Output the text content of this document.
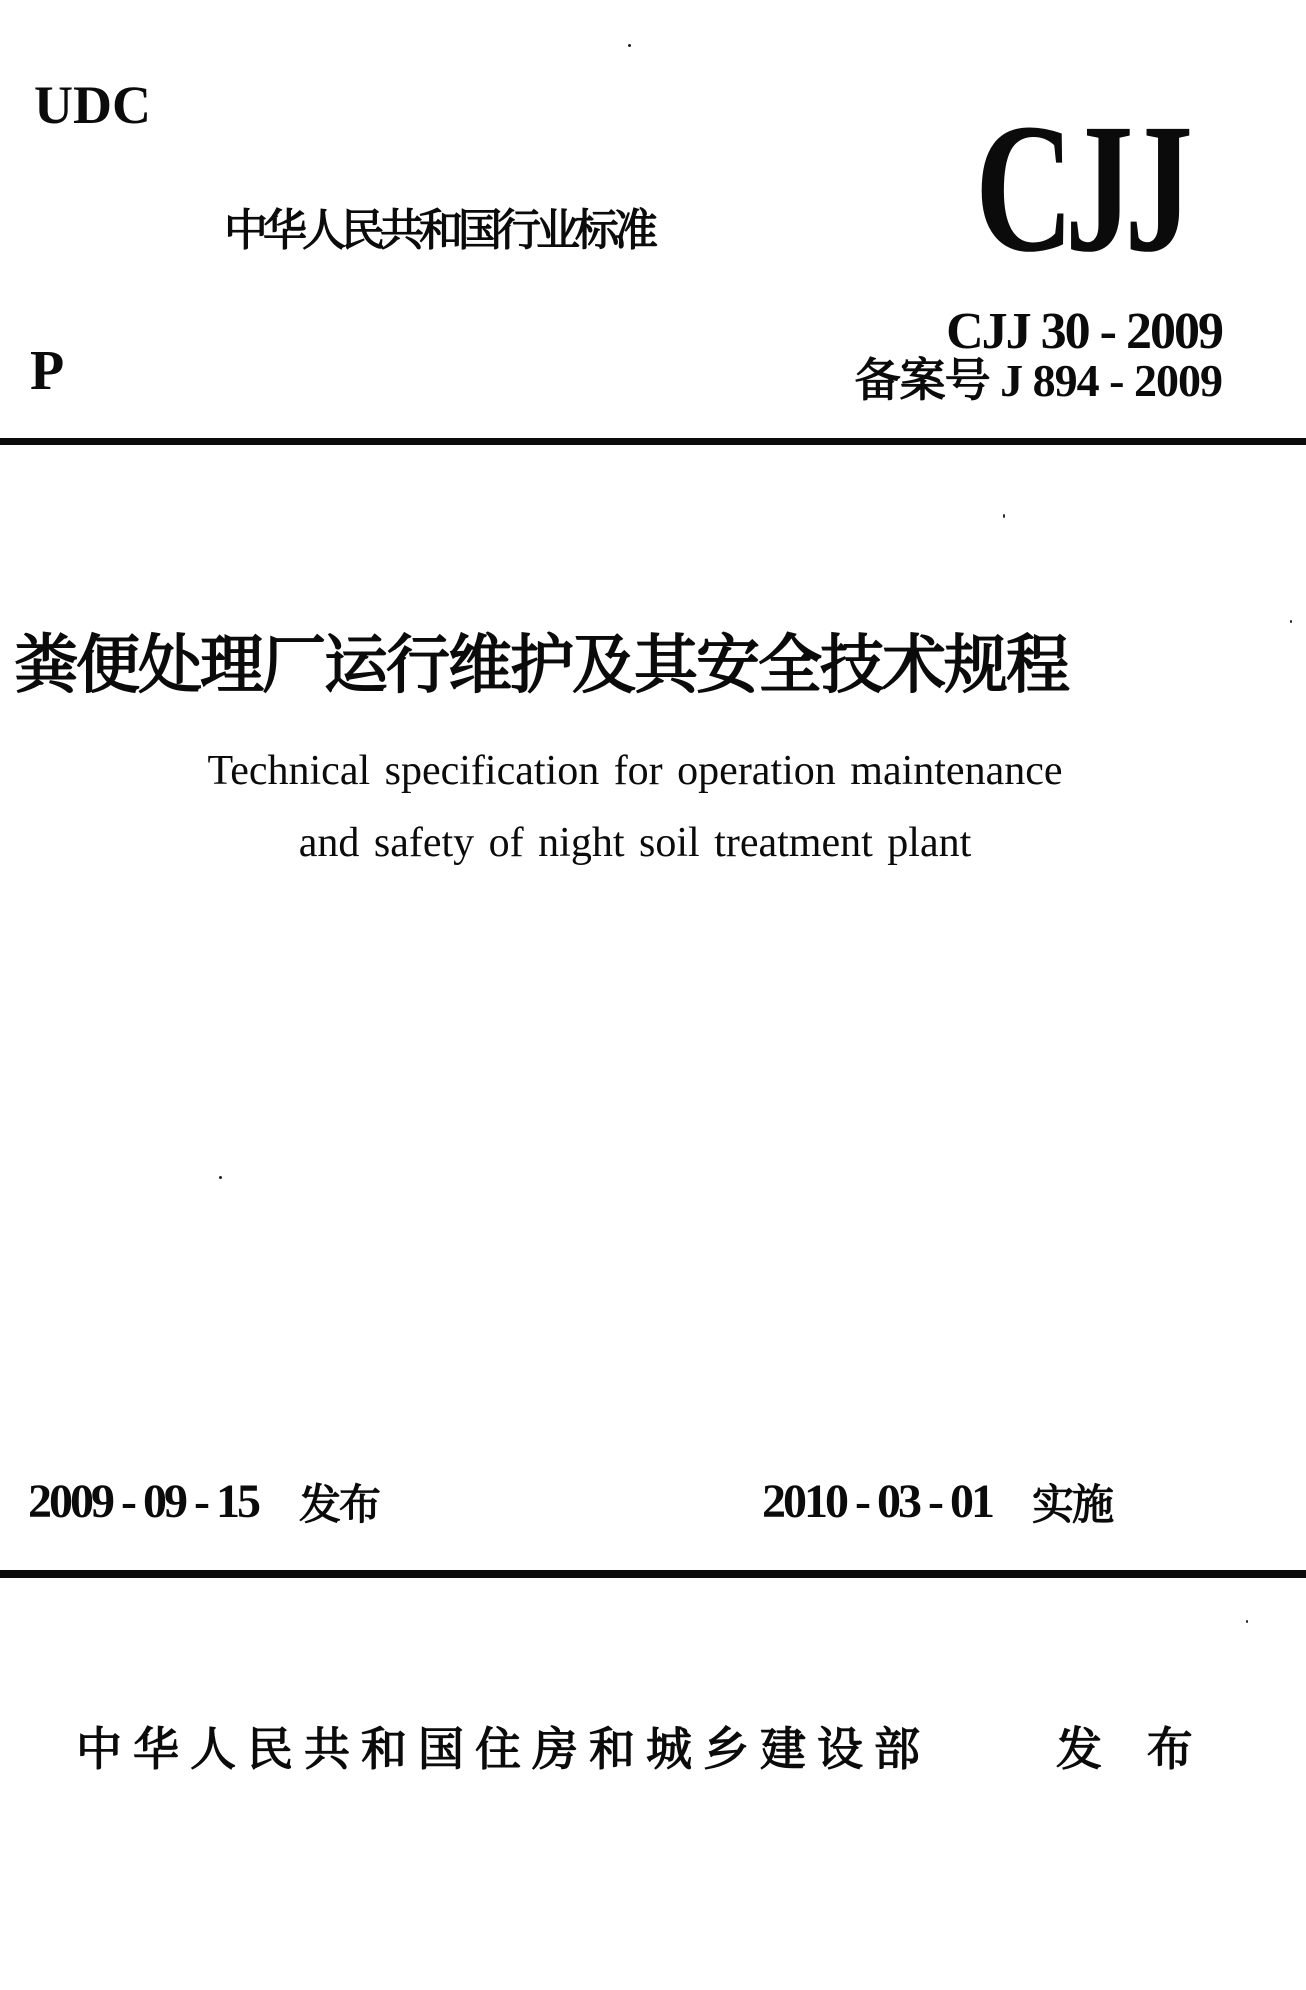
UDC
中华人民共和国行业标准 CJJ
CJJ 30 - 2009
备案号 J 894 - 2009
P
粪便处理厂运行维护及其安全技术规程
Technical specification for operation maintenance
and safety of night soil treatment plant
2009 - 09 - 15 发布	2010 - 03 - 01 实施
中华人民共和国住房和城乡建设部	发 布
